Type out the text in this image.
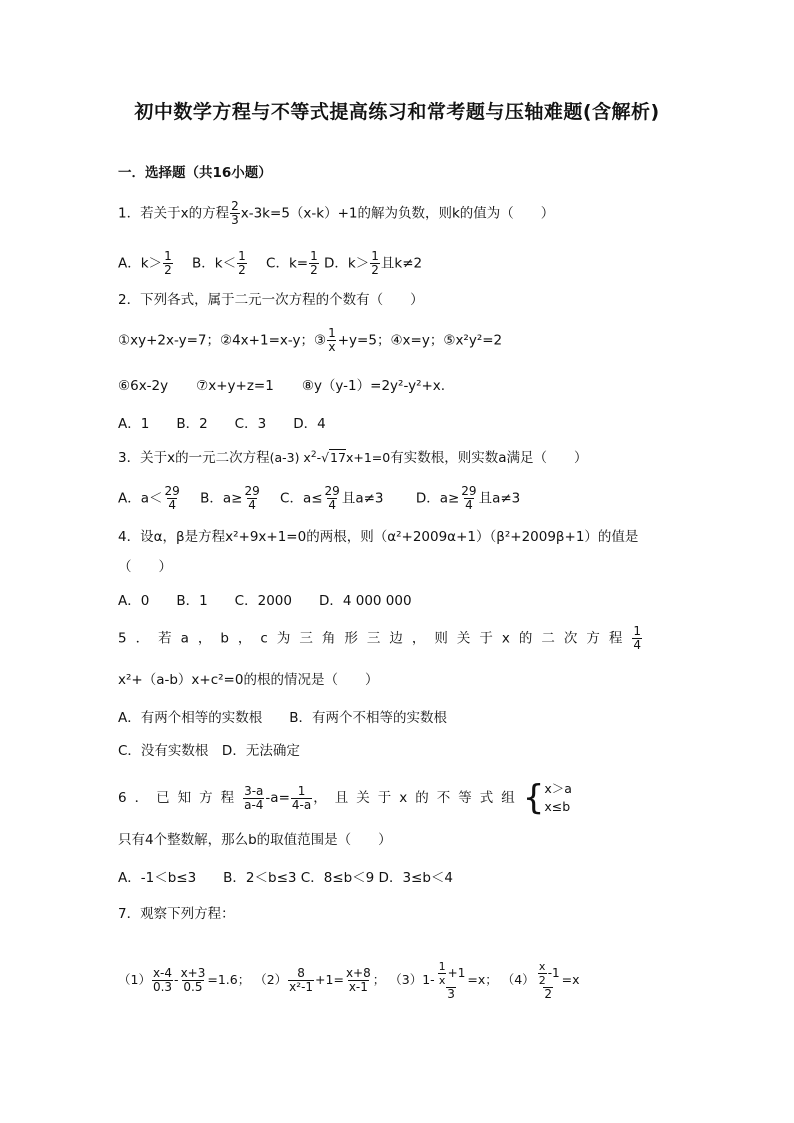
初中数学方程与不等式提高练习和常考题与压轴难题(含解析)
一．选择题（共16小题）
1．若关于x的方程 $\frac{2}{3} x-3k=5(x-k)+1$的解为负数，则k的值为（　　）
A．$k> \frac{1}{2}$ B．$k< \frac{1}{2}$ C．$k= \frac{1}{2}$ D．$k> \frac{1}{2}$ 且k≠2
2．下列各式，属于二元一次方程的个数有（　　）
①xy+2x-y=7；②4x+1=x-y；③ $\frac{1}{x} +y=5$；④x=y；⑤x²y²=2
⑥6x-2y ⑦x+y+z=1 ⑧y（y-1）=2y²-y²+x.
A．1　　B．2　　C．3　　D．4
3．关于x的一元二次方程(a-3) $x^2-√17x+1=0$有实数根，则实数a满足（　　）
A．$a< \frac{29}{4}$ B．$a\ge \frac{29}{4}$ C．$a\le \frac{29}{4}$ 且a≠3 D．$a\ge \frac{29}{4}$ 且a≠3
4．设α，β是方程x²+9x+1=0的两根，则（α²+2009α+1）（β²+2009β+1）的值是
（　　）
A．0　　B．1　　C．2000　　D．4 000 000
5．若a，b，c为三角形三边，则关于x的二次方程 $\frac{1}{4}$
x²+（a-b）x+c²=0的根的情况是（　　）
A．有两个相等的实数根　　B．有两个不相等的实数根
C．没有实数根　D．无法确定
6．已知方程 $\frac{3-a}{a-4} -a= \frac{1}{4-a}$ ，且关于x的不等式组{ x＞a
x≤b
只有4个整数解，那么b的取值范围是（　　）
A．-1＜b≤3　　B．2＜b≤3 C．8≤b＜9 D．3≤b＜4
7．观察下列方程：
$(1) \frac{x-4}{0.3} - \frac{x+3}{0.5} =1.6$； $(2) \frac{8}{\text{x²-1}} +1= \frac{x+8}{x-1}$ ； $(3)1- \frac{\frac{1}{x} +1}{3} =x$； $(4) \frac{\frac{x}{2} -1}{2} =x$
